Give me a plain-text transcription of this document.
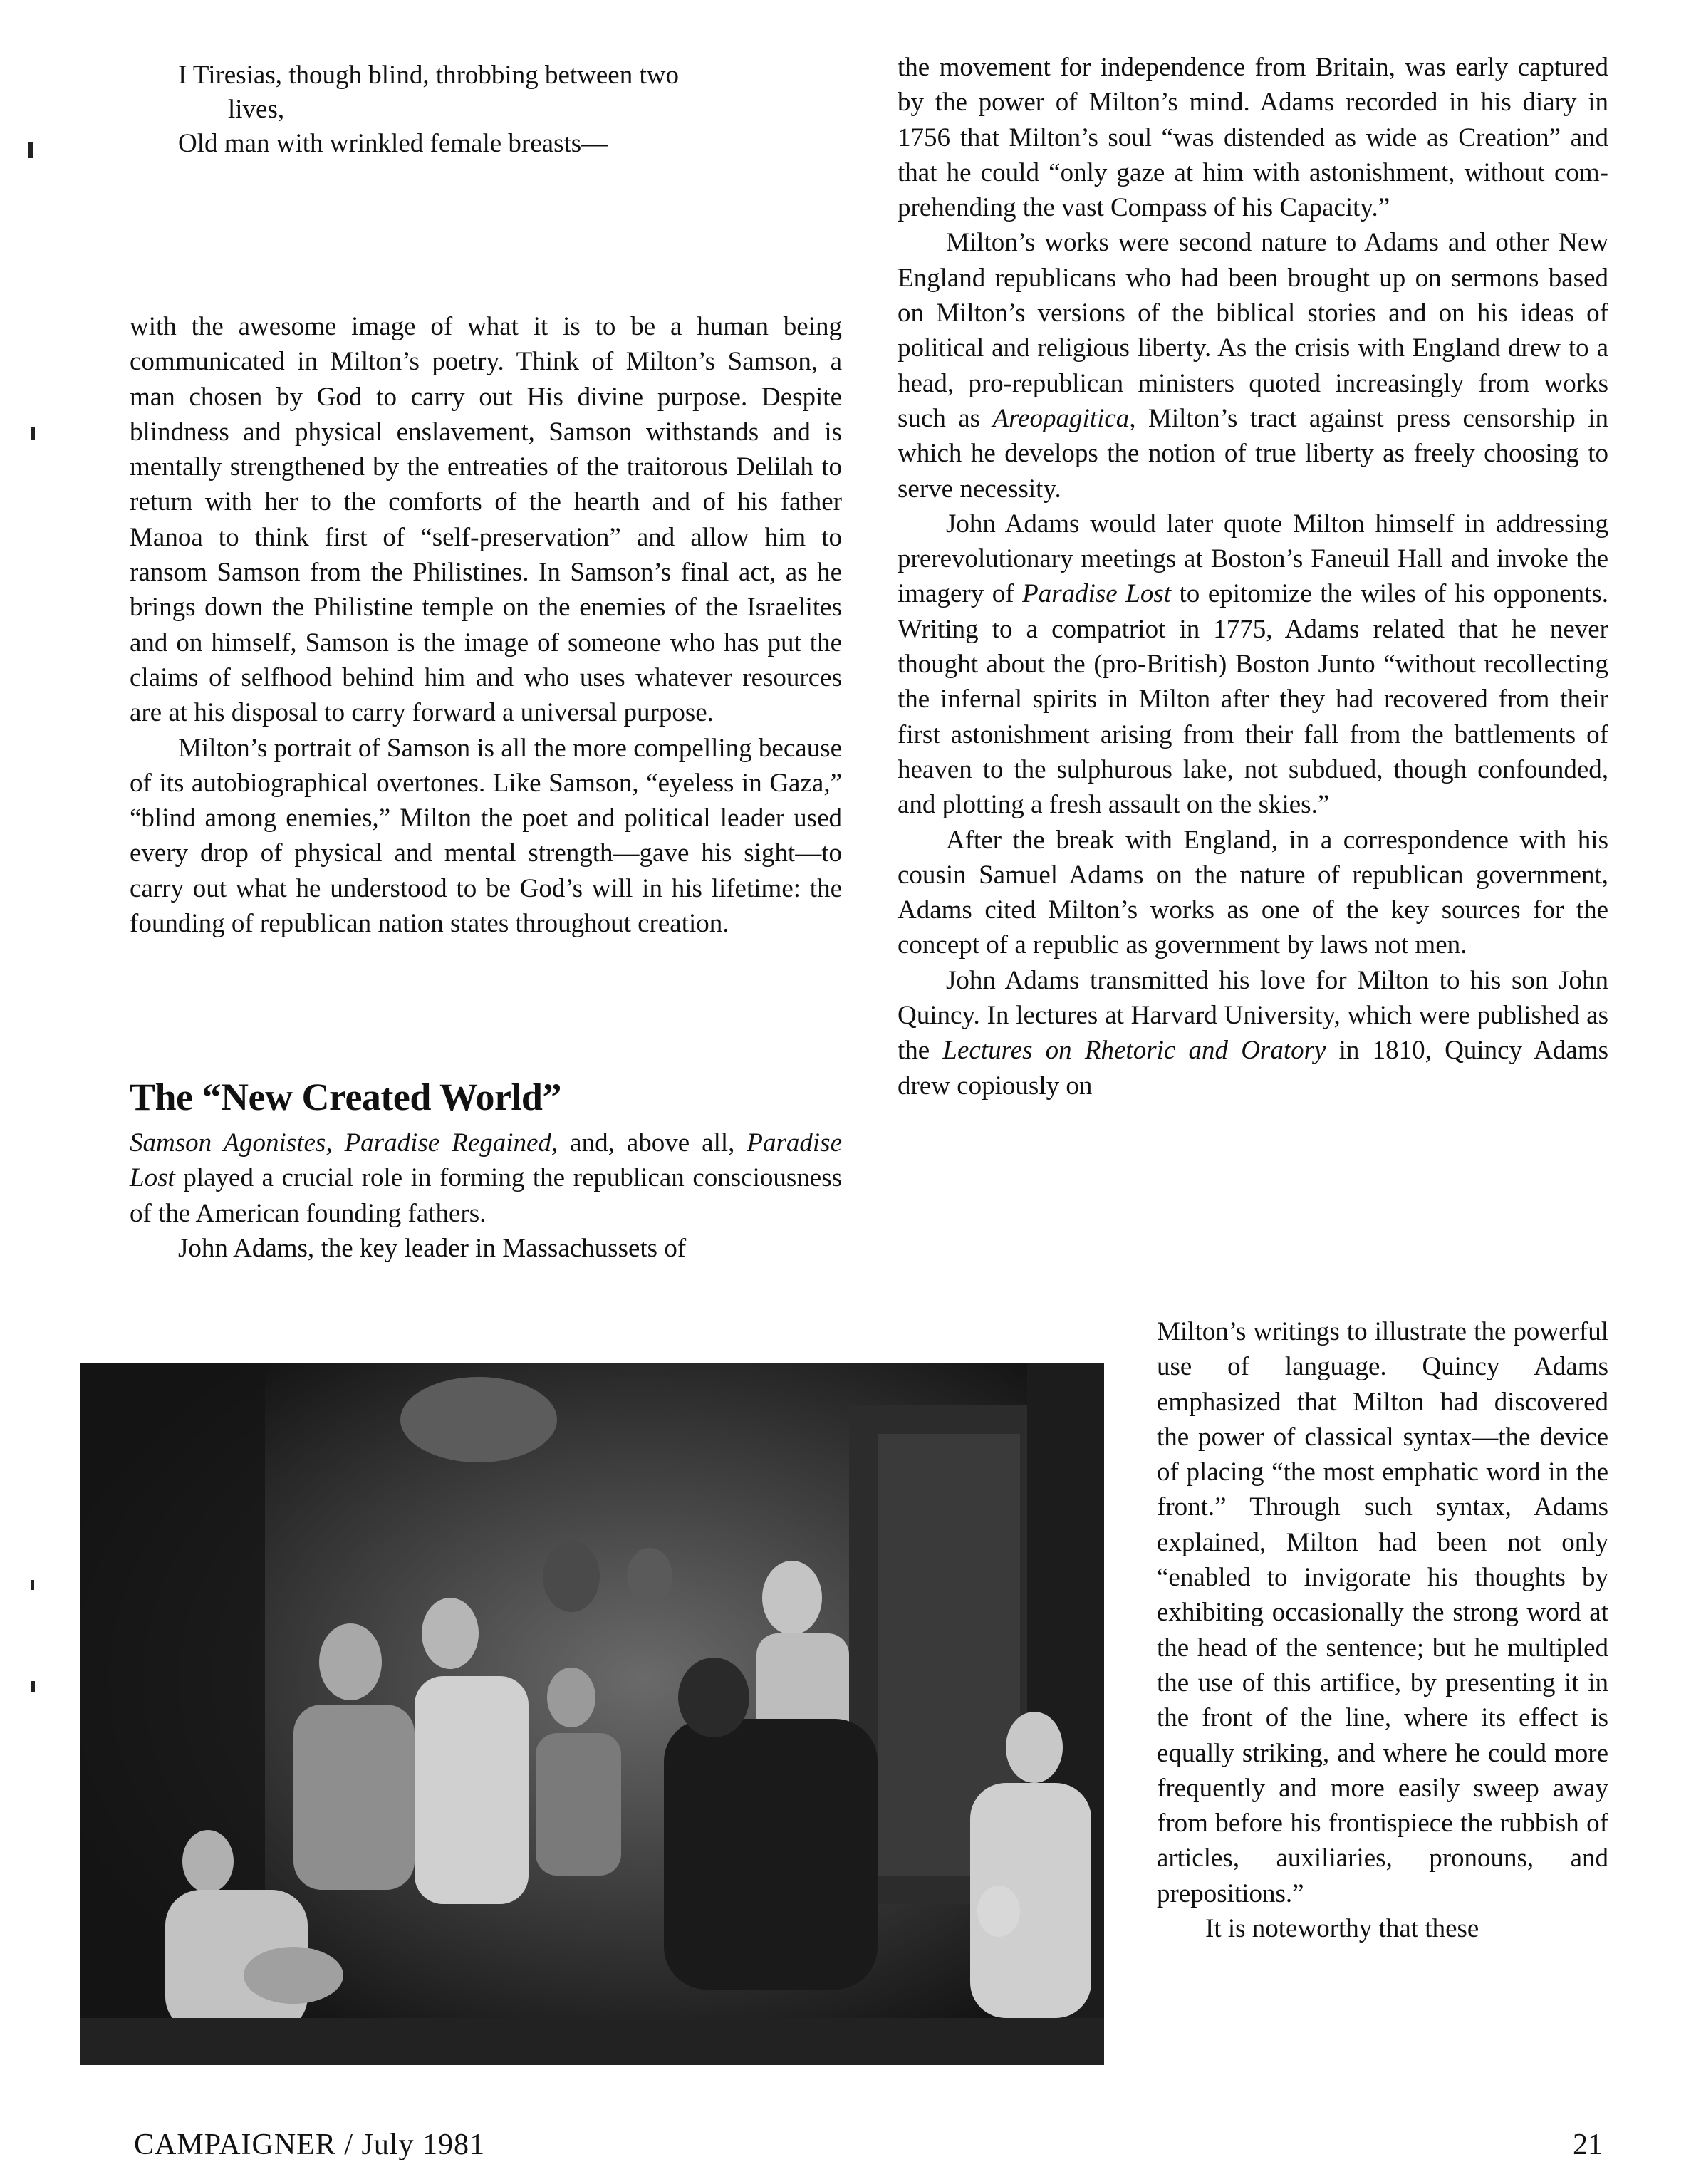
I Tiresias, though blind, throbbing between two
lives,
Old man with wrinkled female breasts—

with the awesome image of what it is to be a human being communicated in Milton’s poetry. Think of Milton’s Samson, a man chosen by God to carry out His divine purpose. Despite blindness and physical enslavement, Samson withstands and is mentally strengthened by the entreaties of the traitorous Delilah to return with her to the comforts of the hearth and of his father Manoa to think first of “self-preservation” and allow him to ransom Samson from the Philistines. In Samson’s final act, as he brings down the Philistine temple on the enemies of the Israelites and on himself, Samson is the image of someone who has put the claims of selfhood behind him and who uses whatever resources are at his disposal to carry forward a universal purpose.

Milton’s portrait of Samson is all the more compelling because of its autobiographical overtones. Like Samson, “eyeless in Gaza,” “blind among enemies,” Milton the poet and political leader used every drop of physical and mental strength—gave his sight—to carry out what he understood to be God’s will in his lifetime: the founding of republican nation states throughout creation.

The “New Created World”

Samson Agonistes, Paradise Regained, and, above all, Paradise Lost played a crucial role in forming the republican consciousness of the American founding fathers.

John Adams, the key leader in Massachussets of

the movement for independence from Britain, was early captured by the power of Milton’s mind. Adams recorded in his diary in 1756 that Milton’s soul “was distended as wide as Creation” and that he could “only gaze at him with astonishment, without comprehending the vast Compass of his Capacity.”

Milton’s works were second nature to Adams and other New England republicans who had been brought up on sermons based on Milton’s versions of the biblical stories and on his ideas of political and religious liberty. As the crisis with England drew to a head, pro-republican ministers quoted increasingly from works such as Areopagitica, Milton’s tract against press censorship in which he develops the notion of true liberty as freely choosing to serve necessity.

John Adams would later quote Milton himself in addressing prerevolutionary meetings at Boston’s Faneuil Hall and invoke the imagery of Paradise Lost to epitomize the wiles of his opponents. Writing to a compatriot in 1775, Adams related that he never thought about the (pro-British) Boston Junto “without recollecting the infernal spirits in Milton after they had recovered from their first astonishment arising from their fall from the battlements of heaven to the sulphurous lake, not subdued, though confounded, and plotting a fresh assault on the skies.”

After the break with England, in a correspondence with his cousin Samuel Adams on the nature of republican government, Adams cited Milton’s works as one of the key sources for the concept of a republic as government by laws not men.

John Adams transmitted his love for Milton to his son John Quincy. In lectures at Harvard University, which were published as the Lectures on Rhetoric and Oratory in 1810, Quincy Adams drew copiously on

Milton’s writings to illustrate the powerful use of language. Quincy Adams emphasized that Milton had discovered the power of classical syntax—the device of placing “the most emphatic word in the front.” Through such syntax, Adams explained, Milton had been not only “enabled to invigorate his thoughts by exhibiting occasionally the strong word at the head of the sentence; but he multipled the use of this artifice, by presenting it in the front of the line, where its effect is equally striking, and where he could more frequently and more easily sweep away from before his frontispiece the rubbish of articles, auxiliaries, pronouns, and prepositions.”

It is noteworthy that these

CAMPAIGNER / July 1981	21
